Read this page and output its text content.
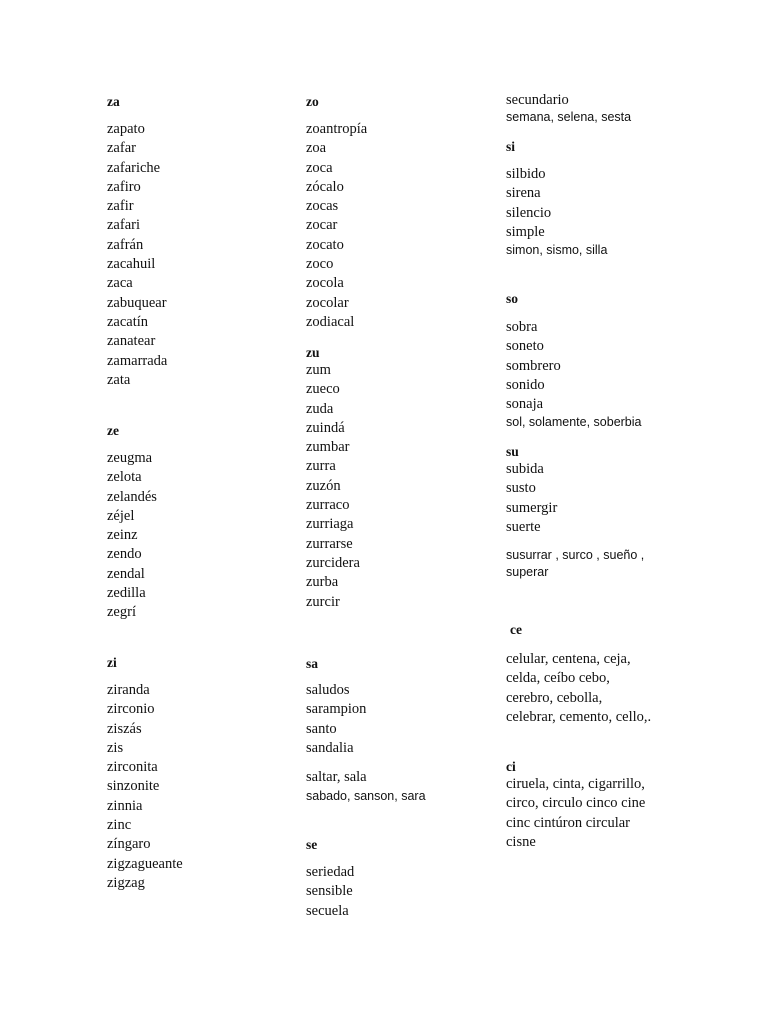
za
zapato
zafar
zafariche
zafiro
zafir
zafari
zafrán
zacahuil
zaca
zabuquear
zacatín
zanatear
zamarrada
zata
ze
zeugma
zelota
zelandés
zéjel
zeinz
zendo
zendal
zedilla
zegrí
zi
ziranda
zirconio
ziszás
zis
zirconita
sinzonite
zinnia
zinc
zíngaro
zigzagueante
zigzag
zo
zoantropía
zoa
zoca
zócalo
zocas
zocar
zocato
zoco
zocola
zocolar
zodiacal
zu
zum
zueco
zuda
zuindá
zumbar
zurra
zuzón
zurraco
zurriaga
zurrarse
zurcidera
zurba
zurcir
sa
saludos
sarampion
santo
sandalia
saltar, sala
sabado, sanson, sara
se
seriedad
sensible
secuela
secundario
semana, selena, sesta
si
silbido
sirena
silencio
simple
simon, sismo, silla
so
sobra
soneto
sombrero
sonido
sonaja
sol, solamente, soberbia
su
subida
susto
sumergir
suerte
susurrar , surco , sueño ,
superar
ce
celular, centena, ceja,
celda, ceíbo cebo,
cerebro, cebolla,
celebrar, cemento, cello,.
ci
ciruela, cinta, cigarrillo,
circo, circulo cinco cine
cinc cintúron circular
cisne
